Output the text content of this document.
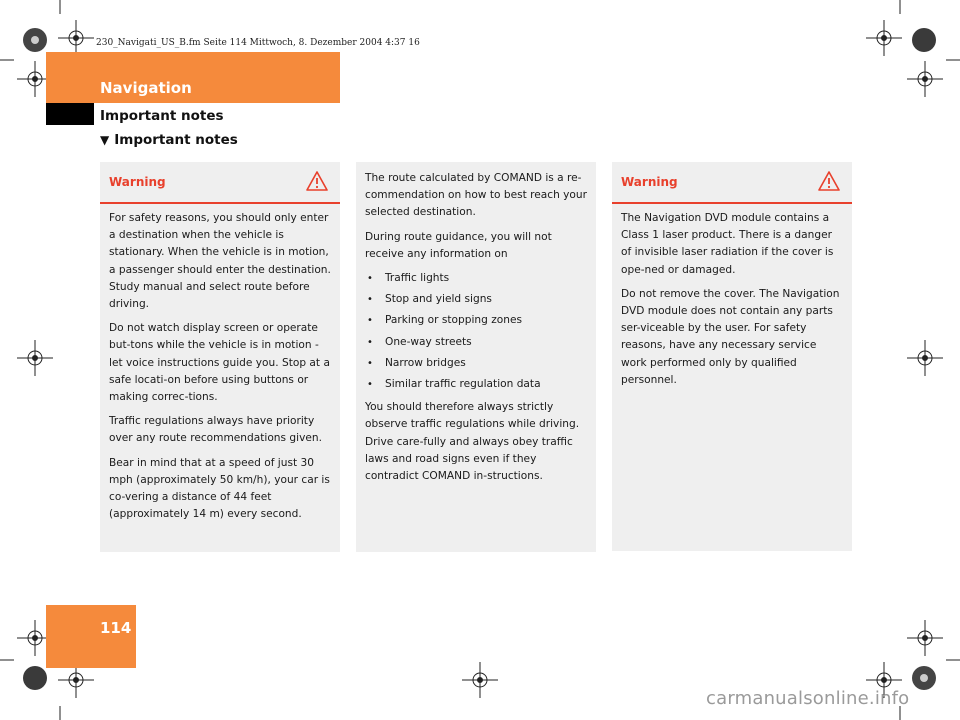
230_Navigati_US_B.fm Seite 114 Mittwoch, 8. Dezember 2004 4:37 16
Navigation
Important notes
▼ Important notes
Warning

For safety reasons, you should only enter a destination when the vehicle is stationary. When the vehicle is in motion, a passenger should enter the destination. Study manual and select route before driving.

Do not watch display screen or operate but-tons while the vehicle is in motion - let voice instructions guide you. Stop at a safe locati-on before using buttons or making correc-tions.

Traffic regulations always have priority over any route recommendations given.

Bear in mind that at a speed of just 30 mph (approximately 50 km/h), your car is co-vering a distance of 44 feet (approximately 14 m) every second.

The route calculated by COMAND is a re-commendation on how to best reach your selected destination.

During route guidance, you will not receive any information on

• Traffic lights
• Stop and yield signs
• Parking or stopping zones
• One-way streets
• Narrow bridges
• Similar traffic regulation data

You should therefore always strictly observe traffic regulations while driving. Drive care-fully and always obey traffic laws and road signs even if they contradict COMAND in-structions.

Warning

The Navigation DVD module contains a Class 1 laser product. There is a danger of invisible laser radiation if the cover is ope-ned or damaged.

Do not remove the cover. The Navigation DVD module does not contain any parts ser-viceable by the user. For safety reasons, have any necessary service work performed only by qualified personnel.

114
carmanualsonline.info
